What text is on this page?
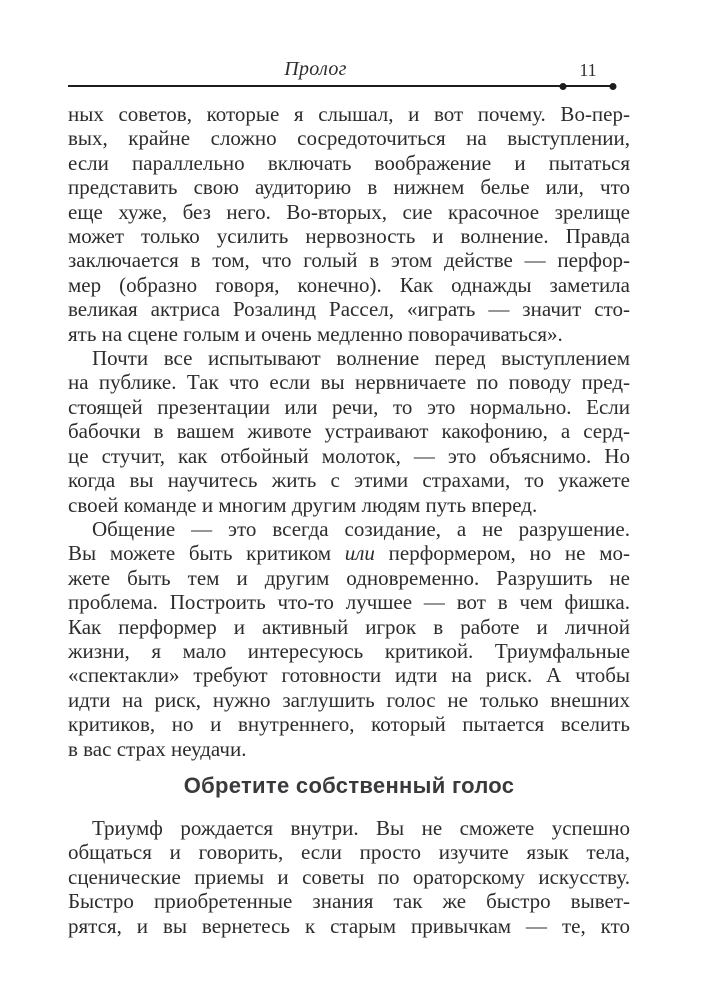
Пролог	11
ных советов, которые я слышал, и вот почему. Во-пер-
вых, крайне сложно сосредоточиться на выступлении,
если параллельно включать воображение и пытаться
представить свою аудиторию в нижнем белье или, что
еще хуже, без него. Во-вторых, сие красочное зрелище
может только усилить нервозность и волнение. Правда
заключается в том, что голый в этом действе — перфор-
мер (образно говоря, конечно). Как однажды заметила
великая актриса Розалинд Рассел, «играть — значит сто-
ять на сцене голым и очень медленно поворачиваться».
Почти все испытывают волнение перед выступлением
на публике. Так что если вы нервничаете по поводу пред-
стоящей презентации или речи, то это нормально. Если
бабочки в вашем животе устраивают какофонию, а серд-
це стучит, как отбойный молоток, — это объяснимо. Но
когда вы научитесь жить с этими страхами, то укажете
своей команде и многим другим людям путь вперед.
Общение — это всегда созидание, а не разрушение.
Вы можете быть критиком или перформером, но не мо-
жете быть тем и другим одновременно. Разрушить не
проблема. Построить что-то лучшее — вот в чем фишка.
Как перформер и активный игрок в работе и личной
жизни, я мало интересуюсь критикой. Триумфальные
«спектакли» требуют готовности идти на риск. А чтобы
идти на риск, нужно заглушить голос не только внешних
критиков, но и внутреннего, который пытается вселить
в вас страх неудачи.
Обретите собственный голос
Триумф рождается внутри. Вы не сможете успешно
общаться и говорить, если просто изучите язык тела,
сценические приемы и советы по ораторскому искусству.
Быстро приобретенные знания так же быстро вывет-
рятся, и вы вернетесь к старым привычкам — те, кто
